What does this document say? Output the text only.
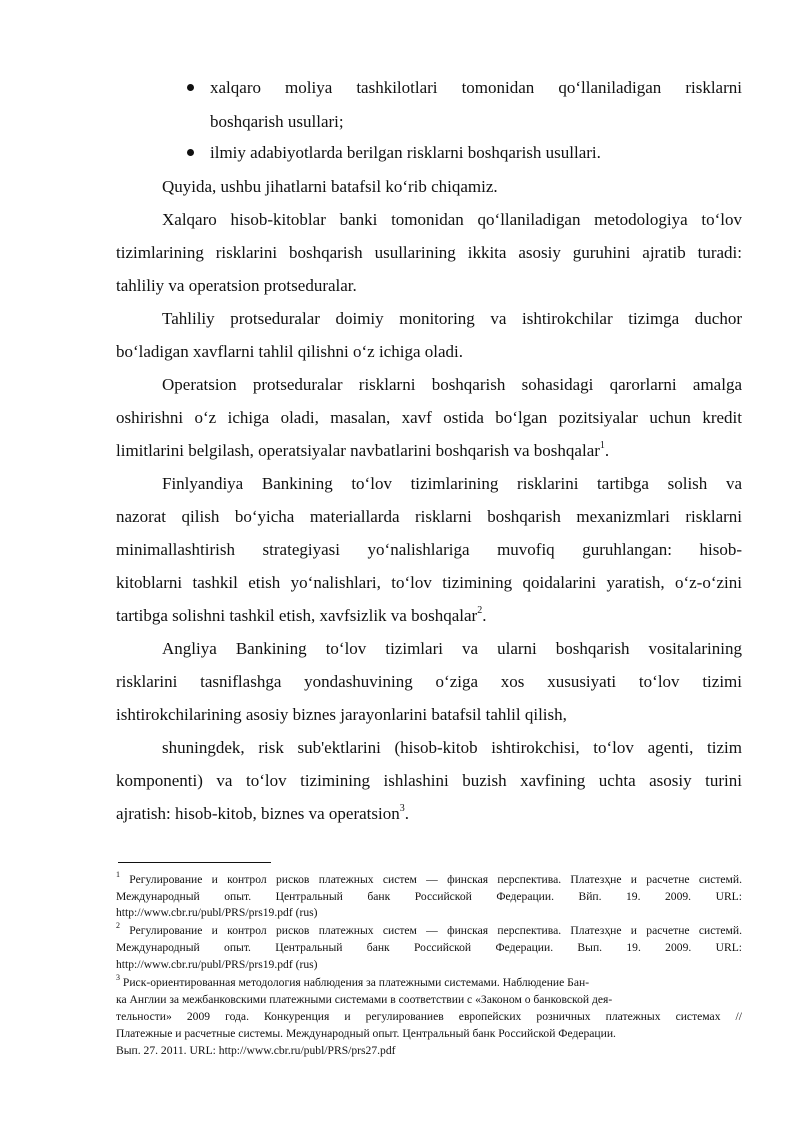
xalqaro moliya tashkilotlari tomonidan qo‘llaniladigan risklarni
boshqarish usullari;
ilmiy adabiyotlarda berilgan risklarni boshqarish usullari.
Quyida, ushbu jihatlarni batafsil ko‘rib chiqamiz.
Xalqaro hisob-kitoblar banki tomonidan qo‘llaniladigan metodologiya to‘lov
tizimlarining risklarini boshqarish usullarining ikkita asosiy guruhini ajratib turadi:
tahliliy va operatsion protseduralar.
Tahliliy protseduralar doimiy monitoring va ishtirokchilar tizimga duchor
bo‘ladigan xavflarni tahlil qilishni o‘z ichiga oladi.
Operatsion protseduralar risklarni boshqarish sohasidagi qarorlarni amalga
oshirishni o‘z ichiga oladi, masalan, xavf ostida bo‘lgan pozitsiyalar uchun kredit
limitlarini belgilash, operatsiyalar navbatlarini boshqarish va boshqalar$^1$.
Finlyandiya Bankining to‘lov tizimlarining risklarini tartibga solish va
nazorat qilish bo‘yicha materiallarda risklarni boshqarish mexanizmlari risklarni
minimallashtirish strategiyasi yo‘nalishlariga muvofiq guruhlangan: hisob-
kitoblarni tashkil etish yo‘nalishlari, to‘lov tizimining qoidalarini yaratish, o‘z-o‘zini
tartibga solishni tashkil etish, xavfsizlik va boshqalar$^2$.
Angliya Bankining to‘lov tizimlari va ularni boshqarish vositalarining
risklarini tasniflashga yondashuvining o‘ziga xos xususiyati to‘lov tizimi
ishtirokchilarining asosiy biznes jarayonlarini batafsil tahlil qilish,
shuningdek, risk sub'ektlarini (hisob-kitob ishtirokchisi, to‘lov agenti, tizim
komponenti) va to‘lov tizimining ishlashini buzish xavfining uchta asosiy turini
ajratish: hisob-kitob, biznes va operatsion$^3$.
$^1$ Регулирование и контрол рисков платежных систем — финская перспектива. Платезҳне и расчетне системй.
Международный опыт. Центральный банк Российской Федерации. Вйп. 19. 2009. URL:
http://www.cbr.ru/publ/PRS/prs19.pdf (rus)
$^2$ Регулирование и контрол рисков платежных систем — финская перспектива. Платезҳне и расчетне системй.
Международный опыт. Центральный банк Российской Федерации. Вып. 19. 2009. URL:
http://www.cbr.ru/publ/PRS/prs19.pdf (rus)
$^3$ Риск-ориентированная методология наблюдения за платежными системами. Наблюдение Бан-
ка Англии за межбанковскими платежными системами в соответствии с «Законом о банковской дея-
тельности» 2009 года. Конкуренция и регулированиев европейских розничных платежных системах //
Платежные и расчетные системы. Международный опыт. Центральный банк Российской Федерации.
Вып. 27. 2011. URL: http://www.cbr.ru/publ/PRS/prs27.pdf
